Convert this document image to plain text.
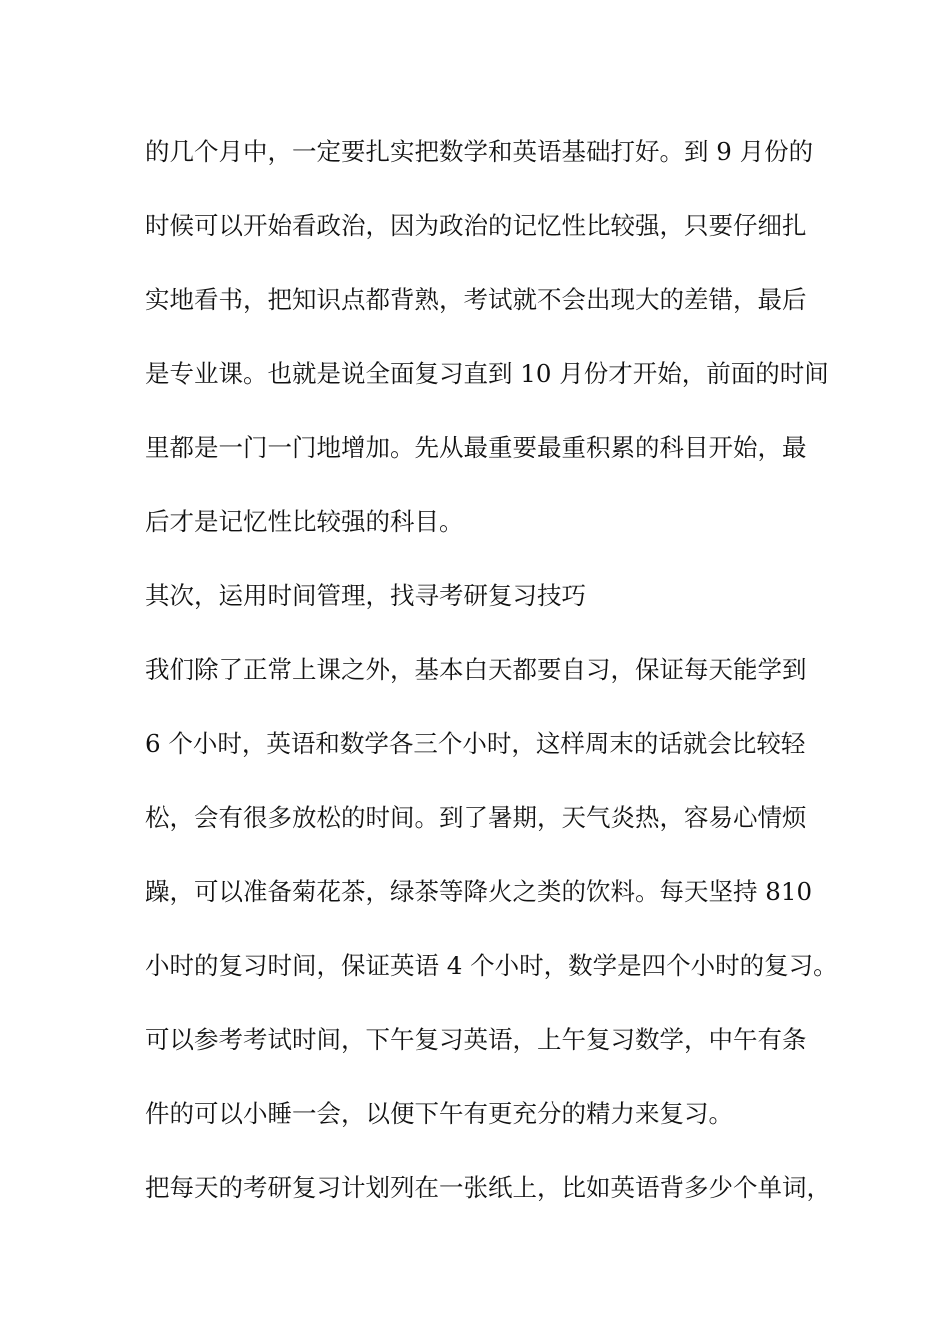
的几个月中，一定要扎实把数学和英语基础打好。到 9 月份的
时候可以开始看政治，因为政治的记忆性比较强，只要仔细扎
实地看书，把知识点都背熟，考试就不会出现大的差错，最后
是专业课。也就是说全面复习直到 10 月份才开始，前面的时间
里都是一门一门地增加。先从最重要最重积累的科目开始，最
后才是记忆性比较强的科目。
其次，运用时间管理，找寻考研复习技巧
我们除了正常上课之外，基本白天都要自习，保证每天能学到
6 个小时，英语和数学各三个小时，这样周末的话就会比较轻
松，会有很多放松的时间。到了暑期，天气炎热，容易心情烦
躁，可以准备菊花茶，绿茶等降火之类的饮料。每天坚持 810
小时的复习时间，保证英语 4 个小时，数学是四个小时的复习。
可以参考考试时间，下午复习英语，上午复习数学，中午有条
件的可以小睡一会，以便下午有更充分的精力来复习。
把每天的考研复习计划列在一张纸上，比如英语背多少个单词，
